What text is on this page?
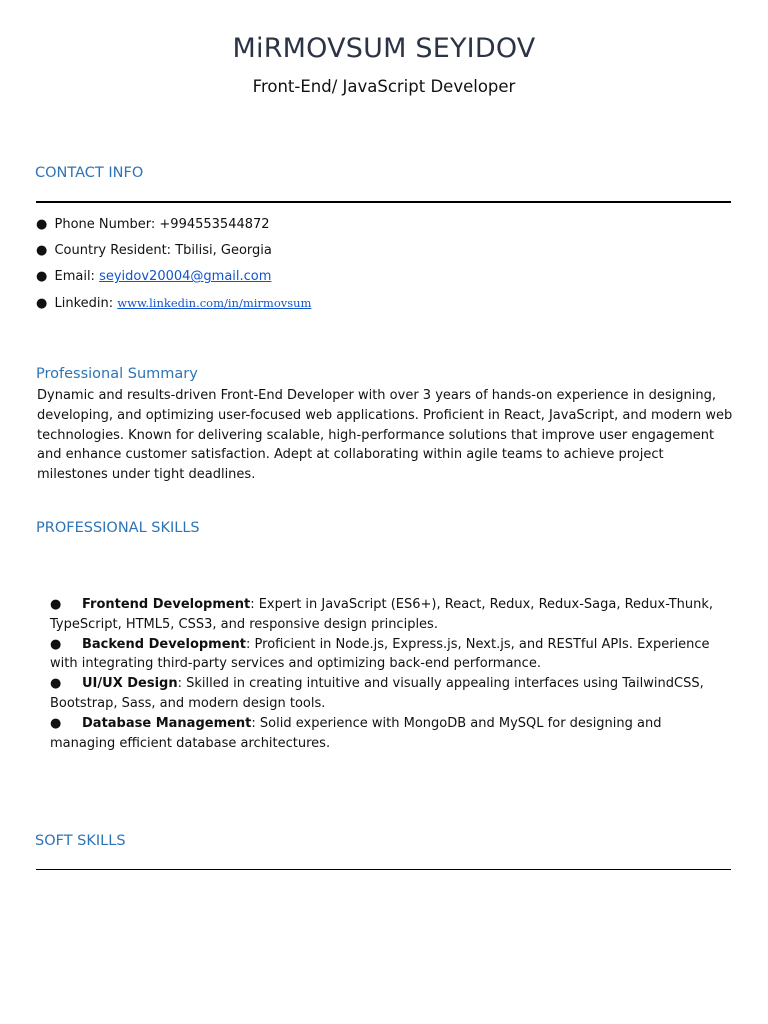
MiRMOVSUM SEYIDOV
Front-End/ JavaScript Developer
CONTACT INFO
● Phone Number: +994553544872
● Country Resident: Tbilisi, Georgia
● Email: seyidov20004@gmail.com
● Linkedin: www.linkedin.com/in/mirmovsum
Professional Summary
Dynamic and results-driven Front-End Developer with over 3 years of hands-on experience in designing, developing, and optimizing user-focused web applications. Proficient in React, JavaScript, and modern web technologies. Known for delivering scalable, high-performance solutions that improve user engagement and enhance customer satisfaction. Adept at collaborating within agile teams to achieve project milestones under tight deadlines.
PROFESSIONAL SKILLS
● Frontend Development: Expert in JavaScript (ES6+), React, Redux, Redux-Saga, Redux-Thunk, TypeScript, HTML5, CSS3, and responsive design principles.
● Backend Development: Proficient in Node.js, Express.js, Next.js, and RESTful APIs. Experience with integrating third-party services and optimizing back-end performance.
● UI/UX Design: Skilled in creating intuitive and visually appealing interfaces using TailwindCSS, Bootstrap, Sass, and modern design tools.
● Database Management: Solid experience with MongoDB and MySQL for designing and managing efficient database architectures.
SOFT SKILLS
